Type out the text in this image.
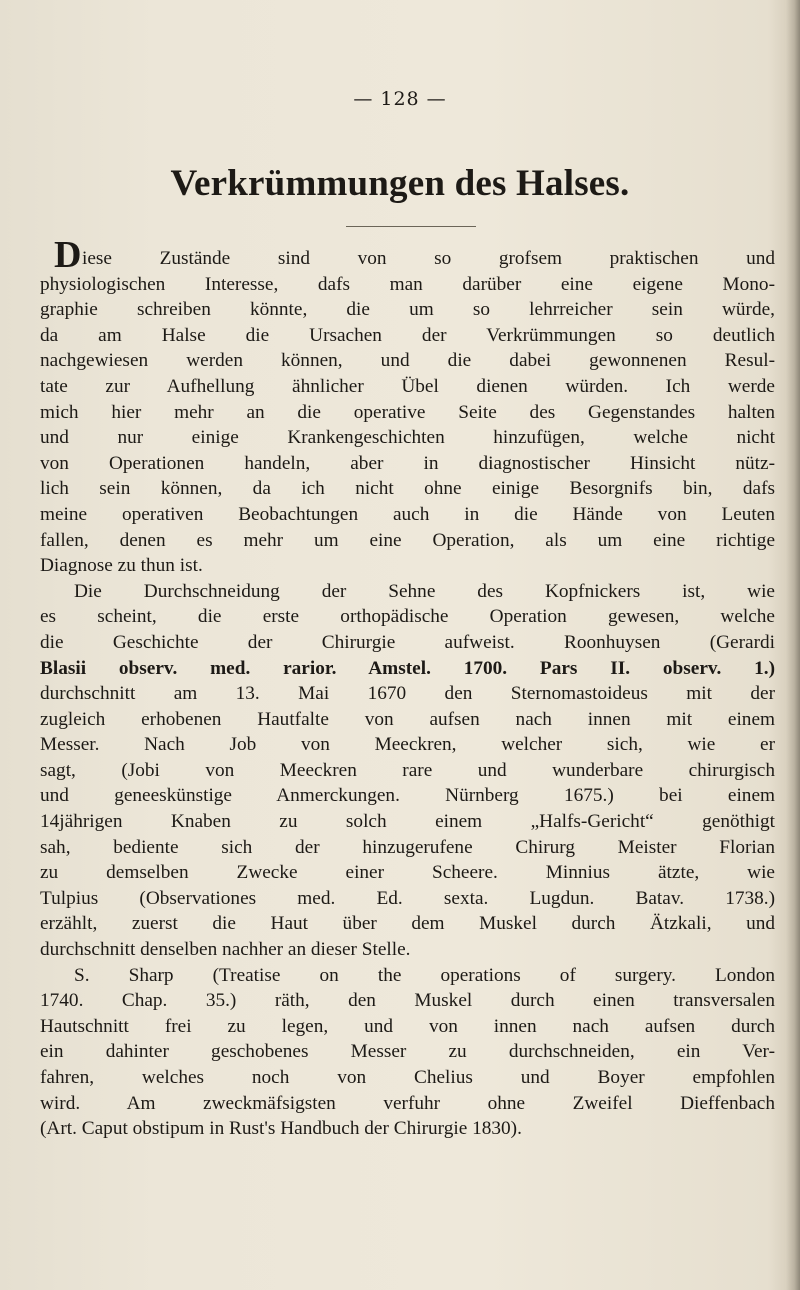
— 128 —
Verkrümmungen des Halses.
D iese Zustände sind von so grofsem praktischen und
physiologischen Interesse, dafs man darüber eine eigene Mono-
graphie schreiben könnte, die um so lehrreicher sein würde,
da am Halse die Ursachen der Verkrümmungen so deutlich
nachgewiesen werden können, und die dabei gewonnenen Resul-
tate zur Aufhellung ähnlicher Übel dienen würden. Ich werde
mich hier mehr an die operative Seite des Gegenstandes halten
und nur einige Krankengeschichten hinzufügen, welche nicht
von Operationen handeln, aber in diagnostischer Hinsicht nütz-
lich sein können, da ich nicht ohne einige Besorgnifs bin, dafs
meine operativen Beobachtungen auch in die Hände von Leuten
fallen, denen es mehr um eine Operation, als um eine richtige
Diagnose zu thun ist.
Die Durchschneidung der Sehne des Kopfnickers ist, wie
es scheint, die erste orthopädische Operation gewesen, welche
die Geschichte der Chirurgie aufweist. Roonhuysen (Gerardi
Blasii observ. med. rarior. Amstel. 1700. Pars II. observ. 1.)
durchschnitt am 13. Mai 1670 den Sternomastoideus mit der
zugleich erhobenen Hautfalte von aufsen nach innen mit einem
Messer. Nach Job von Meeckren, welcher sich, wie er
sagt, (Jobi von Meeckren rare und wunderbare chirurgisch
und geneeskünstige Anmerckungen. Nürnberg 1675.) bei einem
14jährigen Knaben zu solch einem „Halfs-Gericht“ genöthigt
sah, bediente sich der hinzugerufene Chirurg Meister Florian
zu demselben Zwecke einer Scheere. Minnius ätzte, wie
Tulpius (Observationes med. Ed. sexta. Lugdun. Batav. 1738.)
erzählt, zuerst die Haut über dem Muskel durch Ätzkali, und
durchschnitt denselben nachher an dieser Stelle.
S. Sharp (Treatise on the operations of surgery. London
1740. Chap. 35.) räth, den Muskel durch einen transversalen
Hautschnitt frei zu legen, und von innen nach aufsen durch
ein dahinter geschobenes Messer zu durchschneiden, ein Ver-
fahren, welches noch von Chelius und Boyer empfohlen
wird. Am zweckmäfsigsten verfuhr ohne Zweifel Dieffenbach
(Art. Caput obstipum in Rust's Handbuch der Chirurgie 1830).
